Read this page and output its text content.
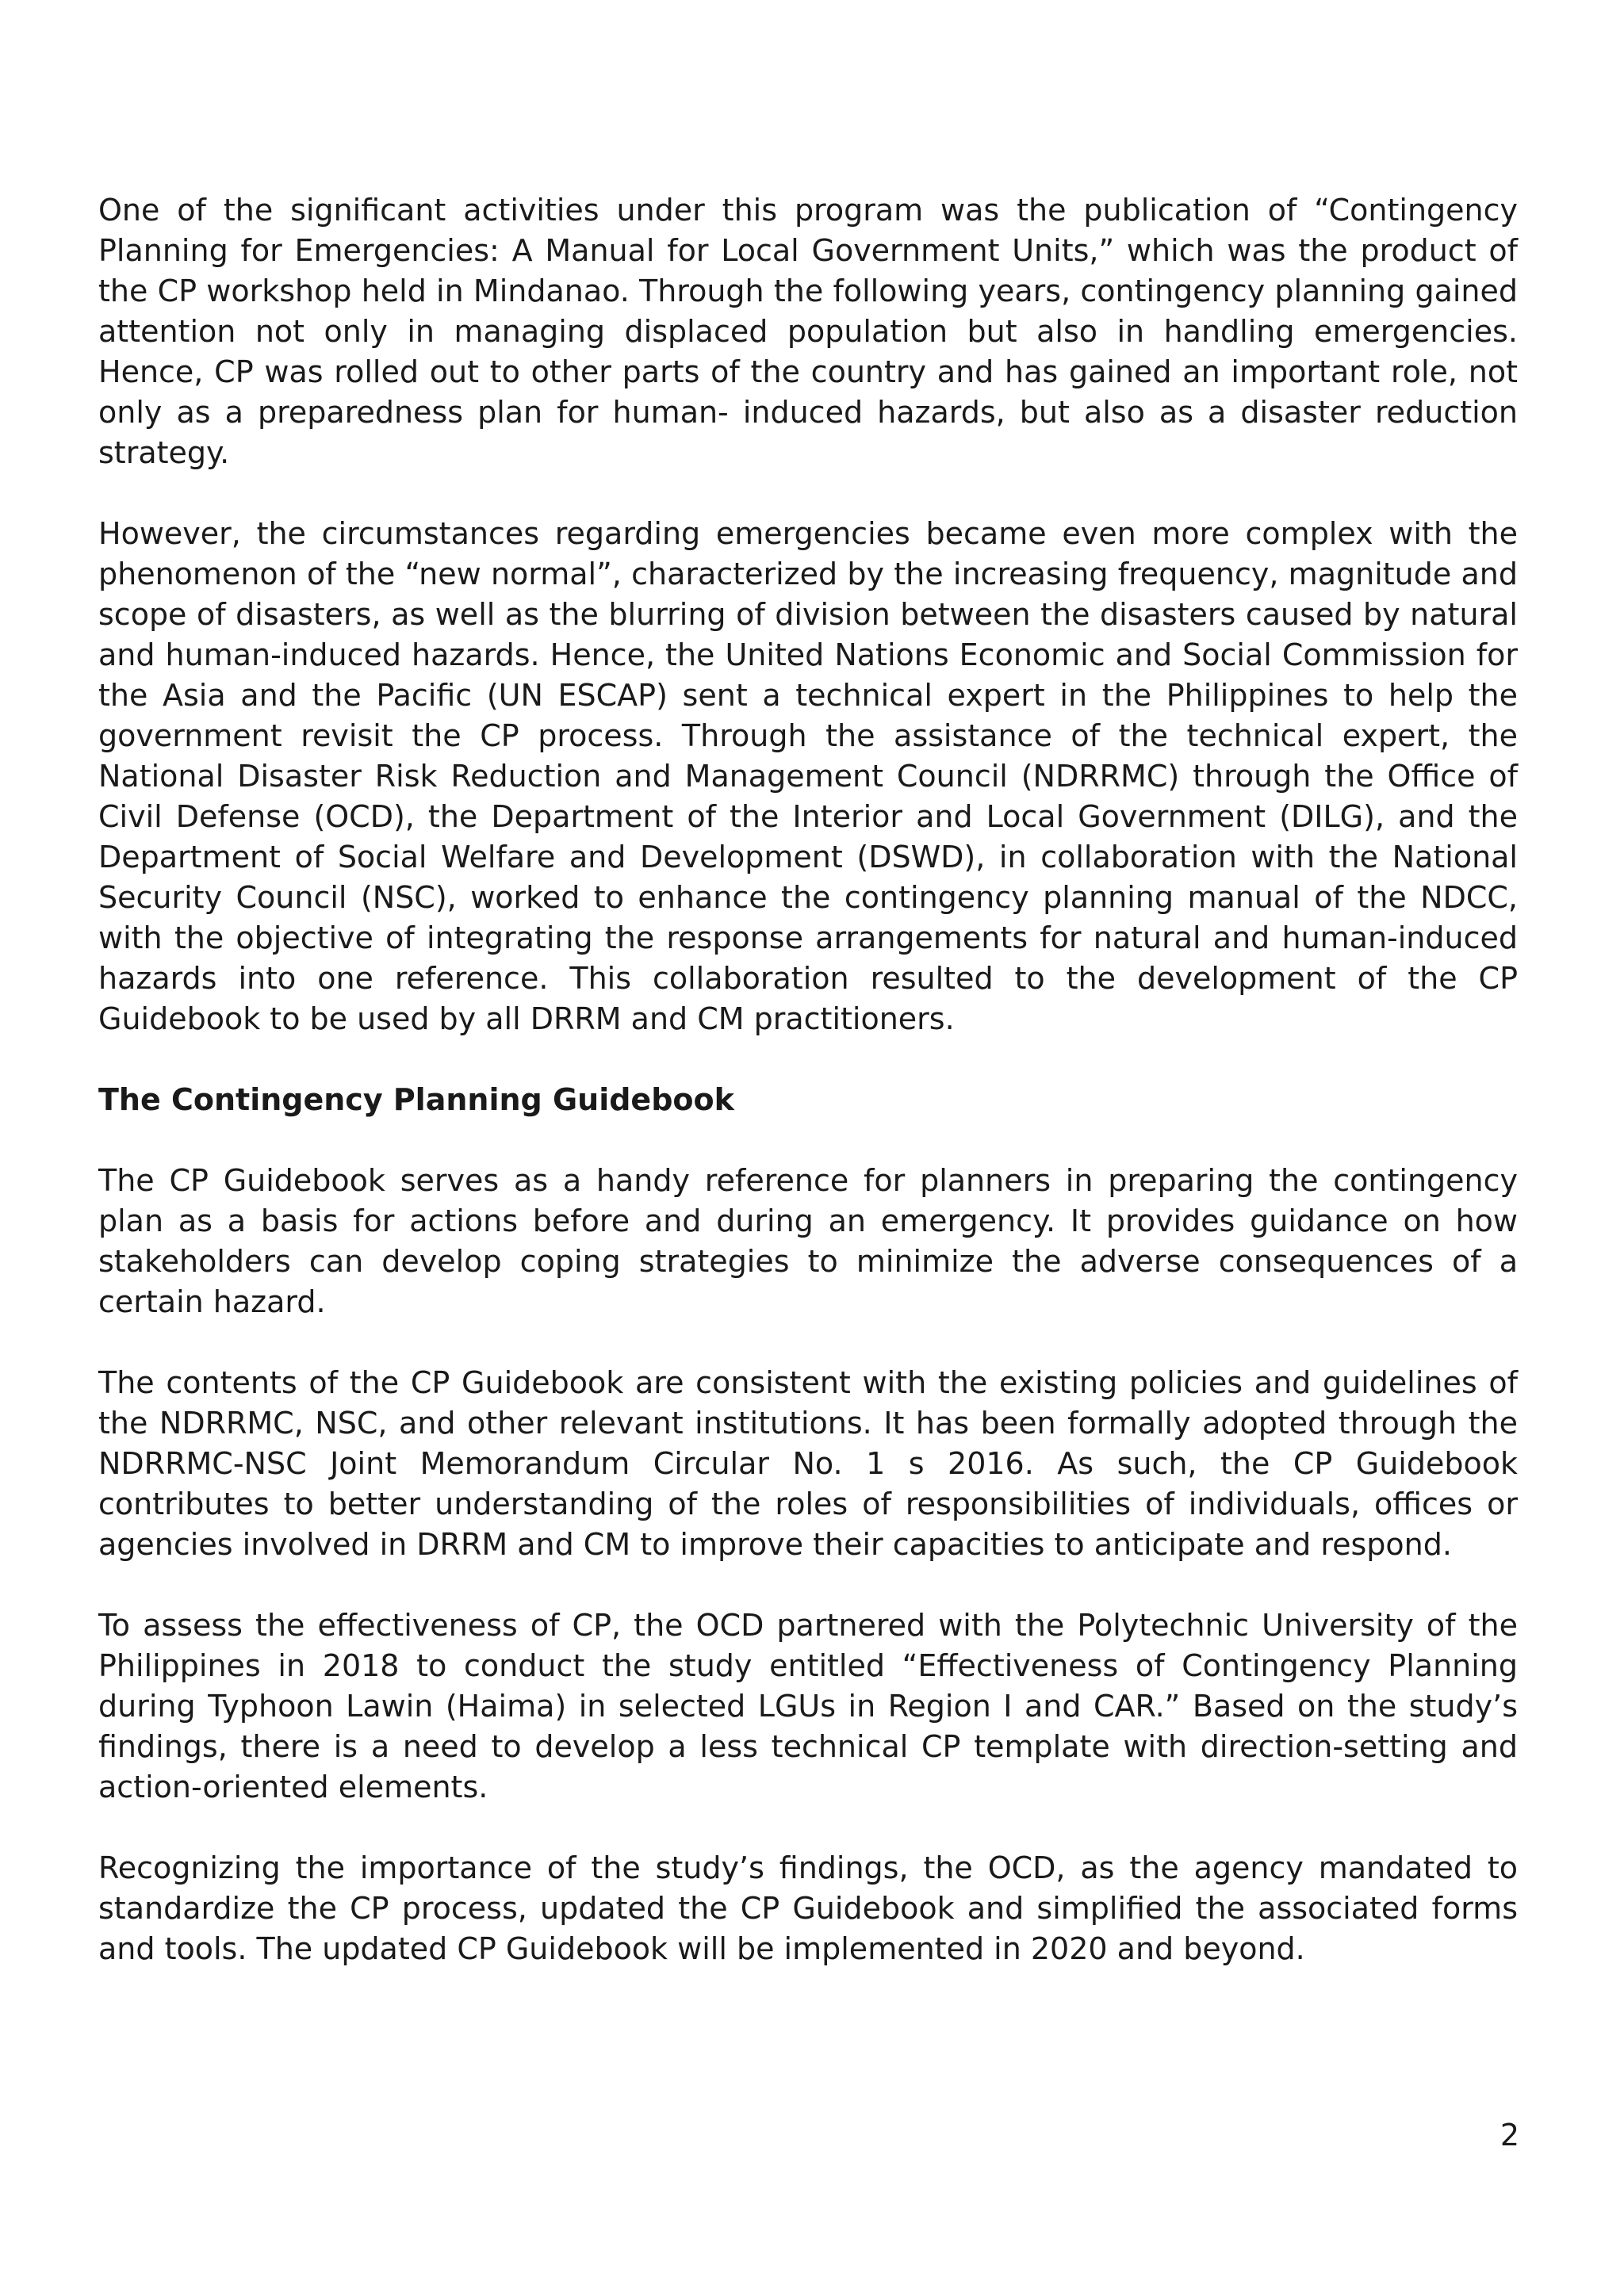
One of the significant activities under this program was the publication of “Contingency Planning for Emergencies: A Manual for Local Government Units,” which was the product of the CP workshop held in Mindanao. Through the following years, contingency planning gained attention not only in managing displaced population but also in handling emergencies. Hence, CP was rolled out to other parts of the country and has gained an important role, not only as a preparedness plan for human- induced hazards, but also as a disaster reduction strategy.

However, the circumstances regarding emergencies became even more complex with the phenomenon of the “new normal”, characterized by the increasing frequency, magnitude and scope of disasters, as well as the blurring of division between the disasters caused by natural and human-induced hazards. Hence, the United Nations Economic and Social Commission for the Asia and the Pacific (UN ESCAP) sent a technical expert in the Philippines to help the government revisit the CP process. Through the assistance of the technical expert, the National Disaster Risk Reduction and Management Council (NDRRMC) through the Office of Civil Defense (OCD), the Department of the Interior and Local Government (DILG), and the Department of Social Welfare and Development (DSWD), in collaboration with the National Security Council (NSC), worked to enhance the contingency planning manual of the NDCC, with the objective of integrating the response arrangements for natural and human-induced hazards into one reference. This collaboration resulted to the development of the CP Guidebook to be used by all DRRM and CM practitioners.

The Contingency Planning Guidebook

The CP Guidebook serves as a handy reference for planners in preparing the contingency plan as a basis for actions before and during an emergency. It provides guidance on how stakeholders can develop coping strategies to minimize the adverse consequences of a certain hazard.

The contents of the CP Guidebook are consistent with the existing policies and guidelines of the NDRRMC, NSC, and other relevant institutions. It has been formally adopted through the NDRRMC-NSC Joint Memorandum Circular No. 1 s 2016. As such, the CP Guidebook contributes to better understanding of the roles of responsibilities of individuals, offices or agencies involved in DRRM and CM to improve their capacities to anticipate and respond.

To assess the effectiveness of CP, the OCD partnered with the Polytechnic University of the Philippines in 2018 to conduct the study entitled “Effectiveness of Contingency Planning during Typhoon Lawin (Haima) in selected LGUs in Region I and CAR.” Based on the study’s findings, there is a need to develop a less technical CP template with direction-setting and action-oriented elements.

Recognizing the importance of the study’s findings, the OCD, as the agency mandated to standardize the CP process, updated the CP Guidebook and simplified the associated forms and tools. The updated CP Guidebook will be implemented in 2020 and beyond.

2
